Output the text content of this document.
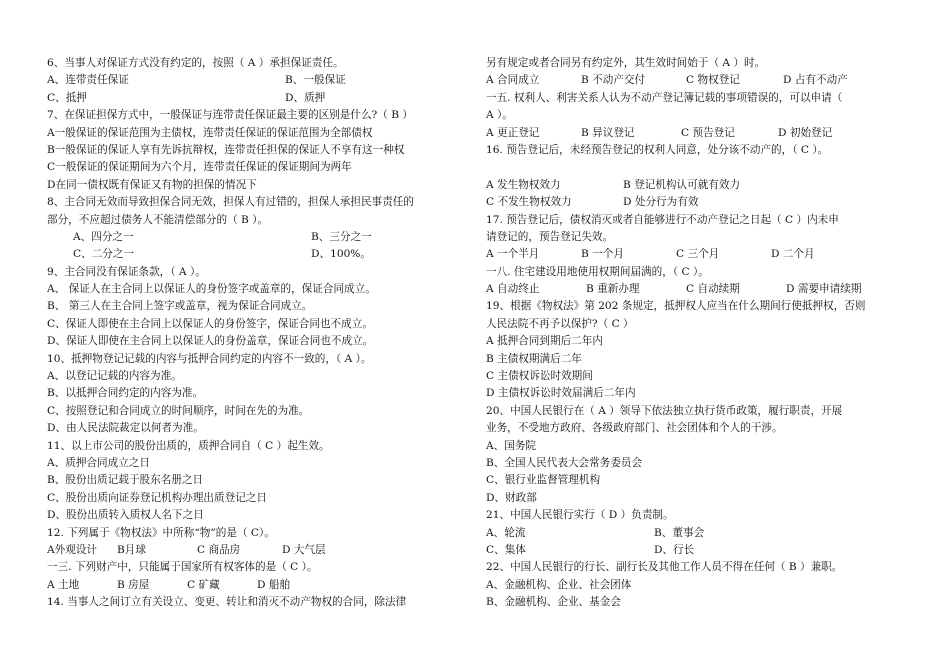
6、当事人对保证方式没有约定的，按照（ A ）承担保证责任。
A、连带责任保证	B、一般保证
C、抵押	D、质押
7、在保证担保方式中，一般保证与连带责任保证最主要的区别是什么?（ B ）
A一般保证的保证范围为主债权，连带责任保证的保证范围为全部债权
B一般保证的保证人享有先诉抗辩权，连带责任担保的保证人不享有这一种权
C一般保证的保证期间为六个月，连带责任保证的保证期间为两年
D在同一债权既有保证又有物的担保的情况下
8、主合同无效而导致担保合同无效，担保人有过错的，担保人承担民事责任的
部分，不应超过债务人不能清偿部分的（ B ）。
A、四分之一	B、三分之一
C、二分之一	D、100%。
9、主合同没有保证条款，（ A ）。
A、 保证人在主合同上以保证人的身份签字或盖章的，保证合同成立。
B、 第三人在主合同上签字或盖章，视为保证合同成立。
C、保证人即使在主合同上以保证人的身份签字，保证合同也不成立。
D、保证人即使在主合同上以保证人的身份盖章，保证合同也不成立。
10、抵押物登记记载的内容与抵押合同约定的内容不一致的，（ A ）。
A、以登记记载的内容为准。
B、以抵押合同约定的内容为准。
C、按照登记和合同成立的时间顺序，时间在先的为准。
D、由人民法院裁定以何者为准。
11、以上市公司的股份出质的，质押合同自（ C ）起生效。
A、质押合同成立之日
B、股份出质记载于股东名册之日
C、股份出质向证券登记机构办理出质登记之日
D、股份出质转入质权人名下之日
12. 下列属于《物权法》中所称“物”的是（ C）。
A外观设计 B月球	C 商品房	D 大气层
一三. 下列财产中，只能属于国家所有权客体的是（ C ）。
A 土地	B 房屋	C 矿藏	D 船舶
14. 当事人之间订立有关设立、变更、转让和消灭不动产物权的合同，除法律
另有规定或者合同另有约定外，其生效时间始于（ A ）时。
A 合同成立	B 不动产交付	C 物权登记	D 占有不动产
一五. 权利人、利害关系人认为不动产登记簿记载的事项错误的，可以申请（
A ）。
A 更正登记	B 异议登记	C 预告登记	D 初始登记
16. 预告登记后，未经预告登记的权利人同意，处分该不动产的，（ C ）。
A 发生物权效力	B 登记机构认可就有效力
C 不发生物权效力	D 处分行为有效
17. 预告登记后，债权消灭或者自能够进行不动产登记之日起（ C ）内未申
请登记的，预告登记失效。
A 一个半月	B 一个月	C 三个月	D 二个月
一八. 住宅建设用地使用权期间届满的，（ C ）。
A 自动终止	B 重新办理	C 自动续期	D 需要申请续期
19、根据《物权法》第 202 条规定，抵押权人应当在什么期间行使抵押权，否则
人民法院不再予以保护?（ C ）
A 抵押合同到期后二年内
B 主债权期满后二年
C 主债权诉讼时效期间
D 主债权诉讼时效届满后二年内
20、中国人民银行在（ A ）领导下依法独立执行货币政策，履行职责，开展
业务，不受地方政府、各级政府部门、社会团体和个人的干涉。
A、国务院
B、全国人民代表大会常务委员会
C、银行业监督管理机构
D、财政部
21、中国人民银行实行（ D ）负责制。
A、轮流	B、董事会
C、集体	D、行长
22、中国人民银行的行长、副行长及其他工作人员不得在任何（ B ）兼职。
A、金融机构、企业、社会团体
B、金融机构、企业、基金会
